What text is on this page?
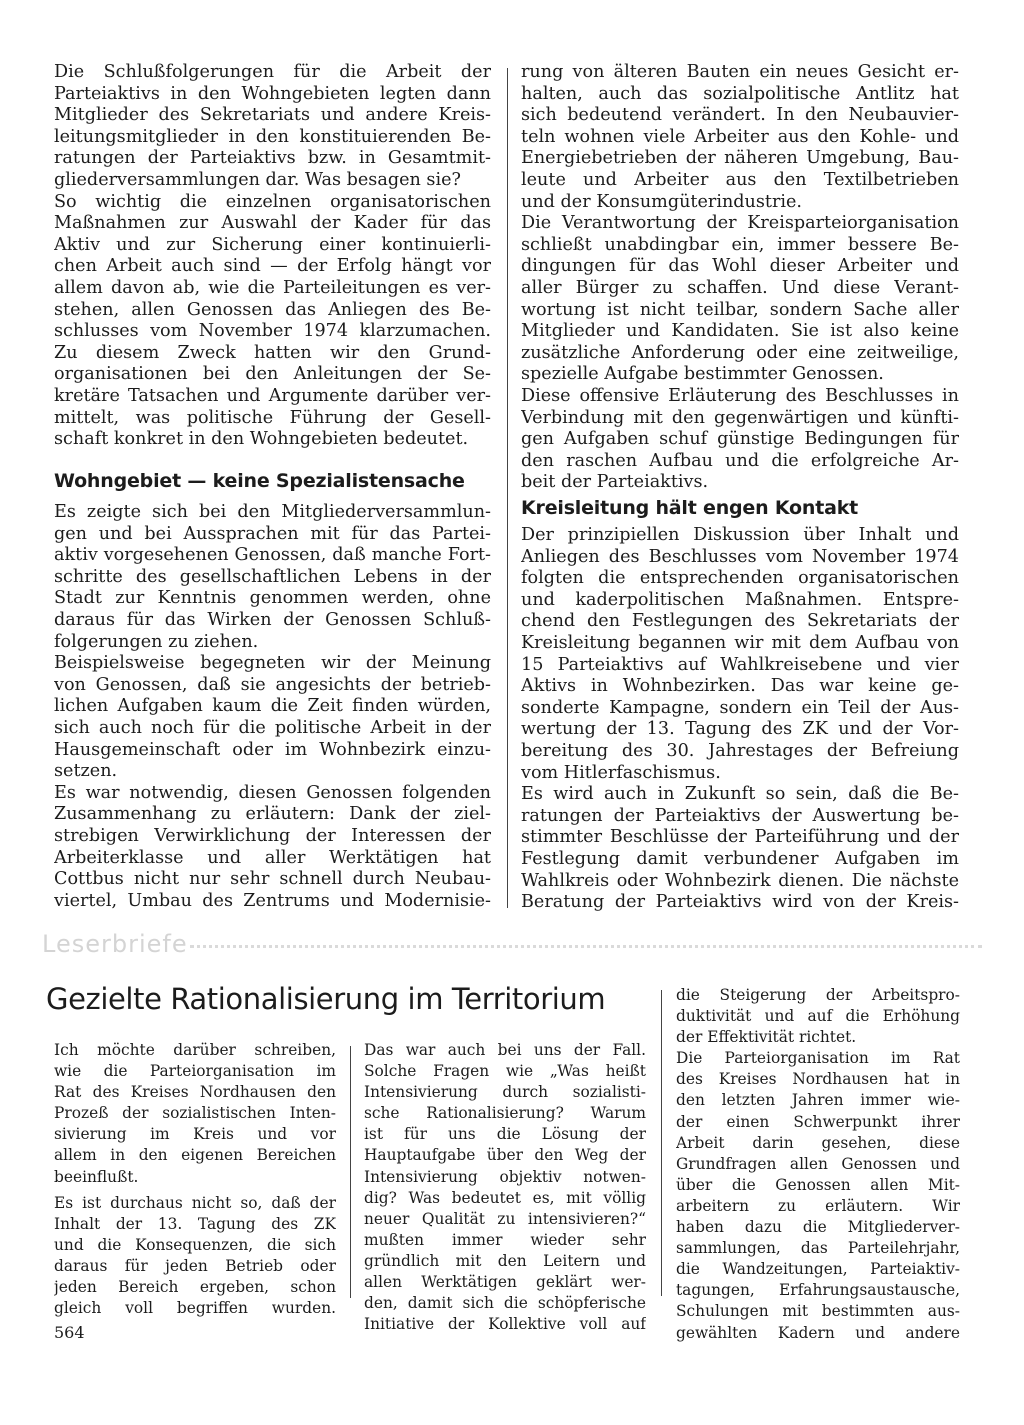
Die Schlußfolgerungen für die Arbeit der
Parteiaktivs in den Wohngebieten legten dann
Mitglieder des Sekretariats und andere Kreis-
leitungsmitglieder in den konstituierenden Be-
ratungen der Parteiaktivs bzw. in Gesamtmit-
gliederversammlungen dar. Was besagen sie?
So wichtig die einzelnen organisatorischen
Maßnahmen zur Auswahl der Kader für das
Aktiv und zur Sicherung einer kontinuierli-
chen Arbeit auch sind — der Erfolg hängt vor
allem davon ab, wie die Parteileitungen es ver-
stehen, allen Genossen das Anliegen des Be-
schlusses vom November 1974 klarzumachen.
Zu diesem Zweck hatten wir den Grund-
organisationen bei den Anleitungen der Se-
kretäre Tatsachen und Argumente darüber ver-
mittelt, was politische Führung der Gesell-
schaft konkret in den Wohngebieten bedeutet.
Wohngebiet — keine Spezialistensache
Es zeigte sich bei den Mitgliederversammlun-
gen und bei Aussprachen mit für das Partei-
aktiv vorgesehenen Genossen, daß manche Fort-
schritte des gesellschaftlichen Lebens in der
Stadt zur Kenntnis genommen werden, ohne
daraus für das Wirken der Genossen Schluß-
folgerungen zu ziehen.
Beispielsweise begegneten wir der Meinung
von Genossen, daß sie angesichts der betrieb-
lichen Aufgaben kaum die Zeit finden würden,
sich auch noch für die politische Arbeit in der
Hausgemeinschaft oder im Wohnbezirk einzu-
setzen.
Es war notwendig, diesen Genossen folgenden
Zusammenhang zu erläutern: Dank der ziel-
strebigen Verwirklichung der Interessen der
Arbeiterklasse und aller Werktätigen hat
Cottbus nicht nur sehr schnell durch Neubau-
viertel, Umbau des Zentrums und Modernisie-
rung von älteren Bauten ein neues Gesicht er-
halten, auch das sozialpolitische Antlitz hat
sich bedeutend verändert. In den Neubauvier-
teln wohnen viele Arbeiter aus den Kohle- und
Energiebetrieben der näheren Umgebung, Bau-
leute und Arbeiter aus den Textilbetrieben
und der Konsumgüterindustrie.
Die Verantwortung der Kreisparteiorganisation
schließt unabdingbar ein, immer bessere Be-
dingungen für das Wohl dieser Arbeiter und
aller Bürger zu schaffen. Und diese Verant-
wortung ist nicht teilbar, sondern Sache aller
Mitglieder und Kandidaten. Sie ist also keine
zusätzliche Anforderung oder eine zeitweilige,
spezielle Aufgabe bestimmter Genossen.
Diese offensive Erläuterung des Beschlusses in
Verbindung mit den gegenwärtigen und künfti-
gen Aufgaben schuf günstige Bedingungen für
den raschen Aufbau und die erfolgreiche Ar-
beit der Parteiaktivs.
Kreisleitung hält engen Kontakt
Der prinzipiellen Diskussion über Inhalt und
Anliegen des Beschlusses vom November 1974
folgten die entsprechenden organisatorischen
und kaderpolitischen Maßnahmen. Entspre-
chend den Festlegungen des Sekretariats der
Kreisleitung begannen wir mit dem Aufbau von
15 Parteiaktivs auf Wahlkreisebene und vier
Aktivs in Wohnbezirken. Das war keine ge-
sonderte Kampagne, sondern ein Teil der Aus-
wertung der 13. Tagung des ZK und der Vor-
bereitung des 30. Jahrestages der Befreiung
vom Hitlerfaschismus.
Es wird auch in Zukunft so sein, daß die Be-
ratungen der Parteiaktivs der Auswertung be-
stimmter Beschlüsse der Parteiführung und der
Festlegung damit verbundener Aufgaben im
Wahlkreis oder Wohnbezirk dienen. Die nächste
Beratung der Parteiaktivs wird von der Kreis-
Leserbriefe
Gezielte Rationalisierung im Territorium
Ich möchte darüber schreiben,
wie die Parteiorganisation im
Rat des Kreises Nordhausen den
Prozeß der sozialistischen Inten-
sivierung im Kreis und vor
allem in den eigenen Bereichen
beeinflußt.
Es ist durchaus nicht so, daß der
Inhalt der 13. Tagung des ZK
und die Konsequenzen, die sich
daraus für jeden Betrieb oder
jeden Bereich ergeben, schon
gleich voll begriffen wurden.
Das war auch bei uns der Fall.
Solche Fragen wie „Was heißt
Intensivierung durch sozialisti-
sche Rationalisierung? Warum
ist für uns die Lösung der
Hauptaufgabe über den Weg der
Intensivierung objektiv notwen-
dig? Was bedeutet es, mit völlig
neuer Qualität zu intensivieren?“
mußten immer wieder sehr
gründlich mit den Leitern und
allen Werktätigen geklärt wer-
den, damit sich die schöpferische
Initiative der Kollektive voll auf
die Steigerung der Arbeitspro-
duktivität und auf die Erhöhung
der Effektivität richtet.
Die Parteiorganisation im Rat
des Kreises Nordhausen hat in
den letzten Jahren immer wie-
der einen Schwerpunkt ihrer
Arbeit darin gesehen, diese
Grundfragen allen Genossen und
über die Genossen allen Mit-
arbeitern zu erläutern. Wir
haben dazu die Mitgliederver-
sammlungen, das Parteilehrjahr,
die Wandzeitungen, Parteiaktiv-
tagungen, Erfahrungsaustausche,
Schulungen mit bestimmten aus-
gewählten Kadern und andere
564
